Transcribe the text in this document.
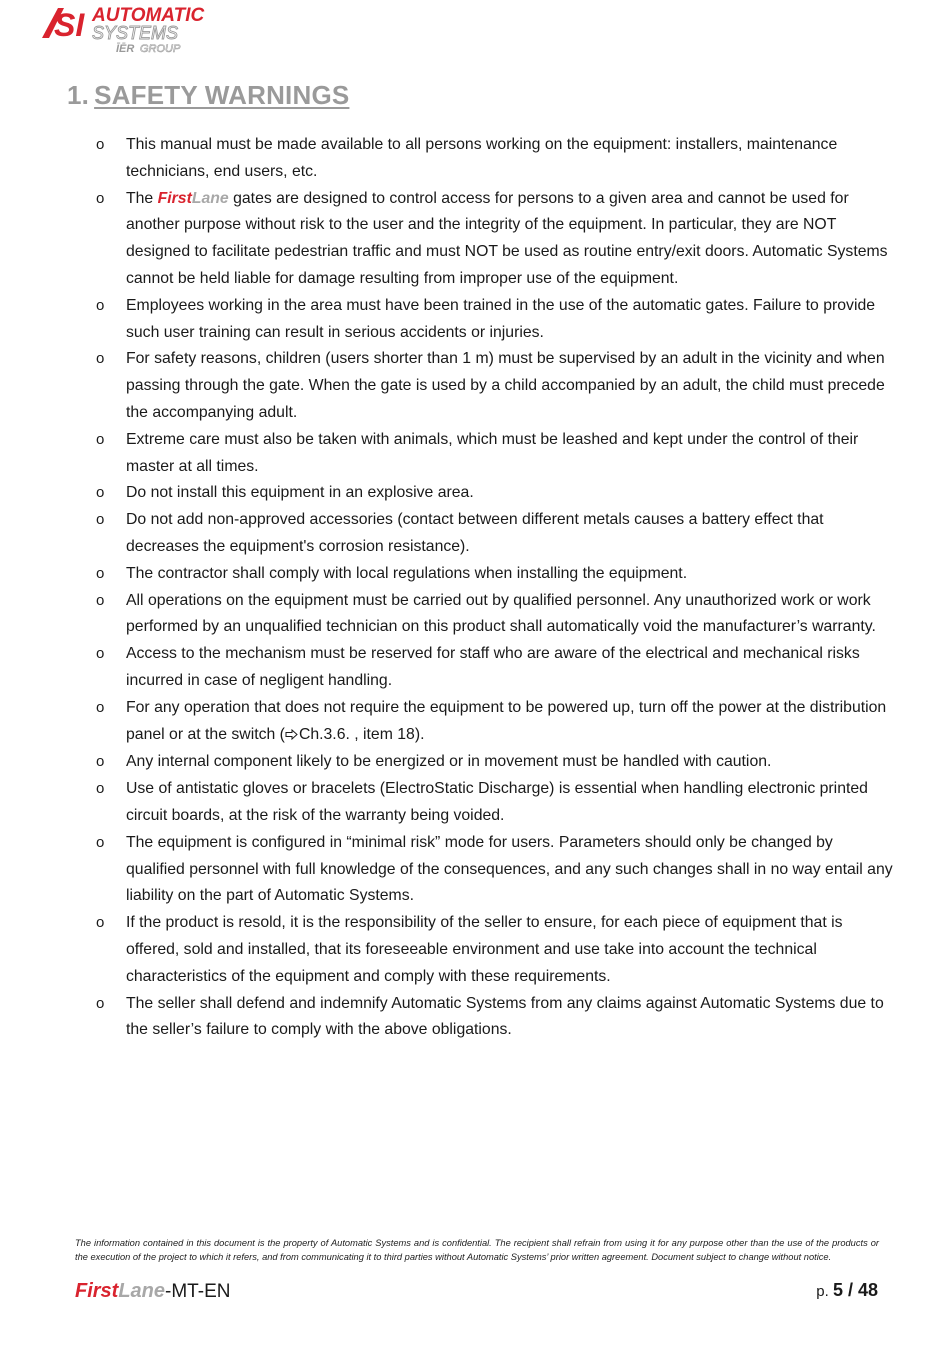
SI AUTOMATIC
SYSTEMS
ĪĒR GROUP
1. SAFETY WARNINGS
o	This manual must be made available to all persons working on the equipment: installers, maintenance technicians, end users, etc.
o	The FirstLane gates are designed to control access for persons to a given area and cannot be used for another purpose without risk to the user and the integrity of the equipment. In particular, they are NOT designed to facilitate pedestrian traffic and must NOT be used as routine entry/exit doors. Automatic Systems cannot be held liable for damage resulting from improper use of the equipment.
o	Employees working in the area must have been trained in the use of the automatic gates. Failure to provide such user training can result in serious accidents or injuries.
o	For safety reasons, children (users shorter than 1 m) must be supervised by an adult in the vicinity and when passing through the gate. When the gate is used by a child accompanied by an adult, the child must precede the accompanying adult.
o	Extreme care must also be taken with animals, which must be leashed and kept under the control of their master at all times.
o	Do not install this equipment in an explosive area.
o	Do not add non-approved accessories (contact between different metals causes a battery effect that decreases the equipment's corrosion resistance).
o	The contractor shall comply with local regulations when installing the equipment.
o	All operations on the equipment must be carried out by qualified personnel. Any unauthorized work or work performed by an unqualified technician on this product shall automatically void the manufacturer’s warranty.
o	Access to the mechanism must be reserved for staff who are aware of the electrical and mechanical risks incurred in case of negligent handling.
o	For any operation that does not require the equipment to be powered up, turn off the power at the distribution panel or at the switch ( Ch.3.6. , item 18).
o	Any internal component likely to be energized or in movement must be handled with caution.
o	Use of antistatic gloves or bracelets (ElectroStatic Discharge) is essential when handling electronic printed circuit boards, at the risk of the warranty being voided.
o	The equipment is configured in “minimal risk” mode for users. Parameters should only be changed by qualified personnel with full knowledge of the consequences, and any such changes shall in no way entail any liability on the part of Automatic Systems.
o	If the product is resold, it is the responsibility of the seller to ensure, for each piece of equipment that is offered, sold and installed, that its foreseeable environment and use take into account the technical characteristics of the equipment and comply with these requirements.
o	The seller shall defend and indemnify Automatic Systems from any claims against Automatic Systems due to the seller’s failure to comply with the above obligations.

The information contained in this document is the property of Automatic Systems and is confidential. The recipient shall refrain from using it for any purpose other than the use of the products or the execution of the project to which it refers, and from communicating it to third parties without Automatic Systems’ prior written agreement. Document subject to change without notice.

FirstLane-MT-EN	p. 5 / 48
